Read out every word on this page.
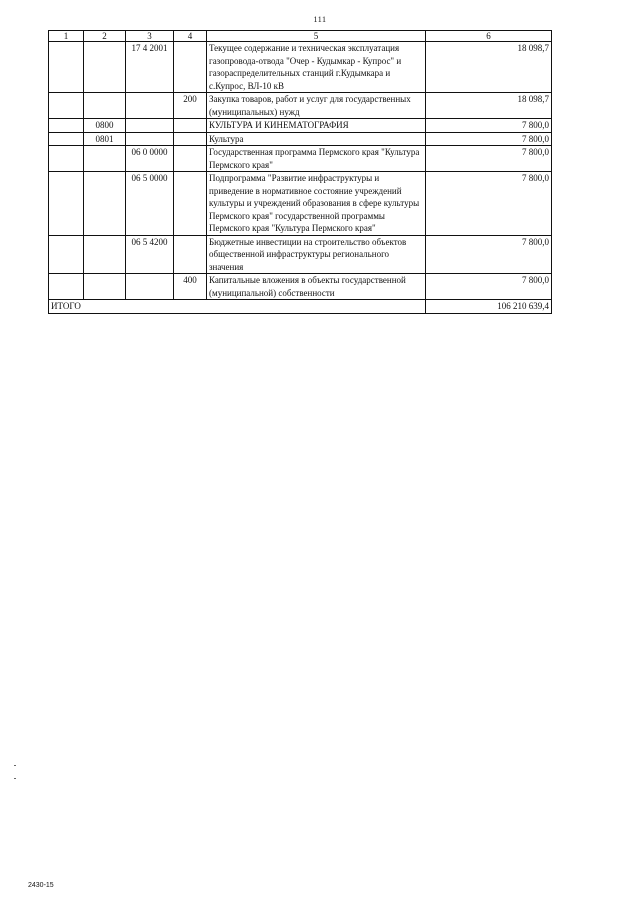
111
1	2	3	4	5	6
		17 4 2001		Текущее содержание и техническая эксплуатация газопровода-отвода "Очер - Кудымкар - Купрос" и газораспределительных станций г.Кудымкара и с.Купрос, ВЛ-10 кВ	18 098,7
			200	Закупка товаров, работ и услуг для государственных (муниципальных) нужд	18 098,7
	0800			КУЛЬТУРА И КИНЕМАТОГРАФИЯ	7 800,0
	0801			Культура	7 800,0
		06 0 0000		Государственная программа Пермского края "Культура Пермского края"	7 800,0
		06 5 0000		Подпрограмма "Развитие инфраструктуры и приведение в нормативное состояние учреждений культуры и учреждений образования в сфере культуры Пермского края" государственной программы Пермского края "Культура Пермского края"	7 800,0
		06 5 4200		Бюджетные инвестиции на строительство объектов общественной инфраструктуры регионального значения	7 800,0
			400	Капитальные вложения в объекты государственной (муниципальной) собственности	7 800,0
ИТОГО					106 210 639,4
2430-15
